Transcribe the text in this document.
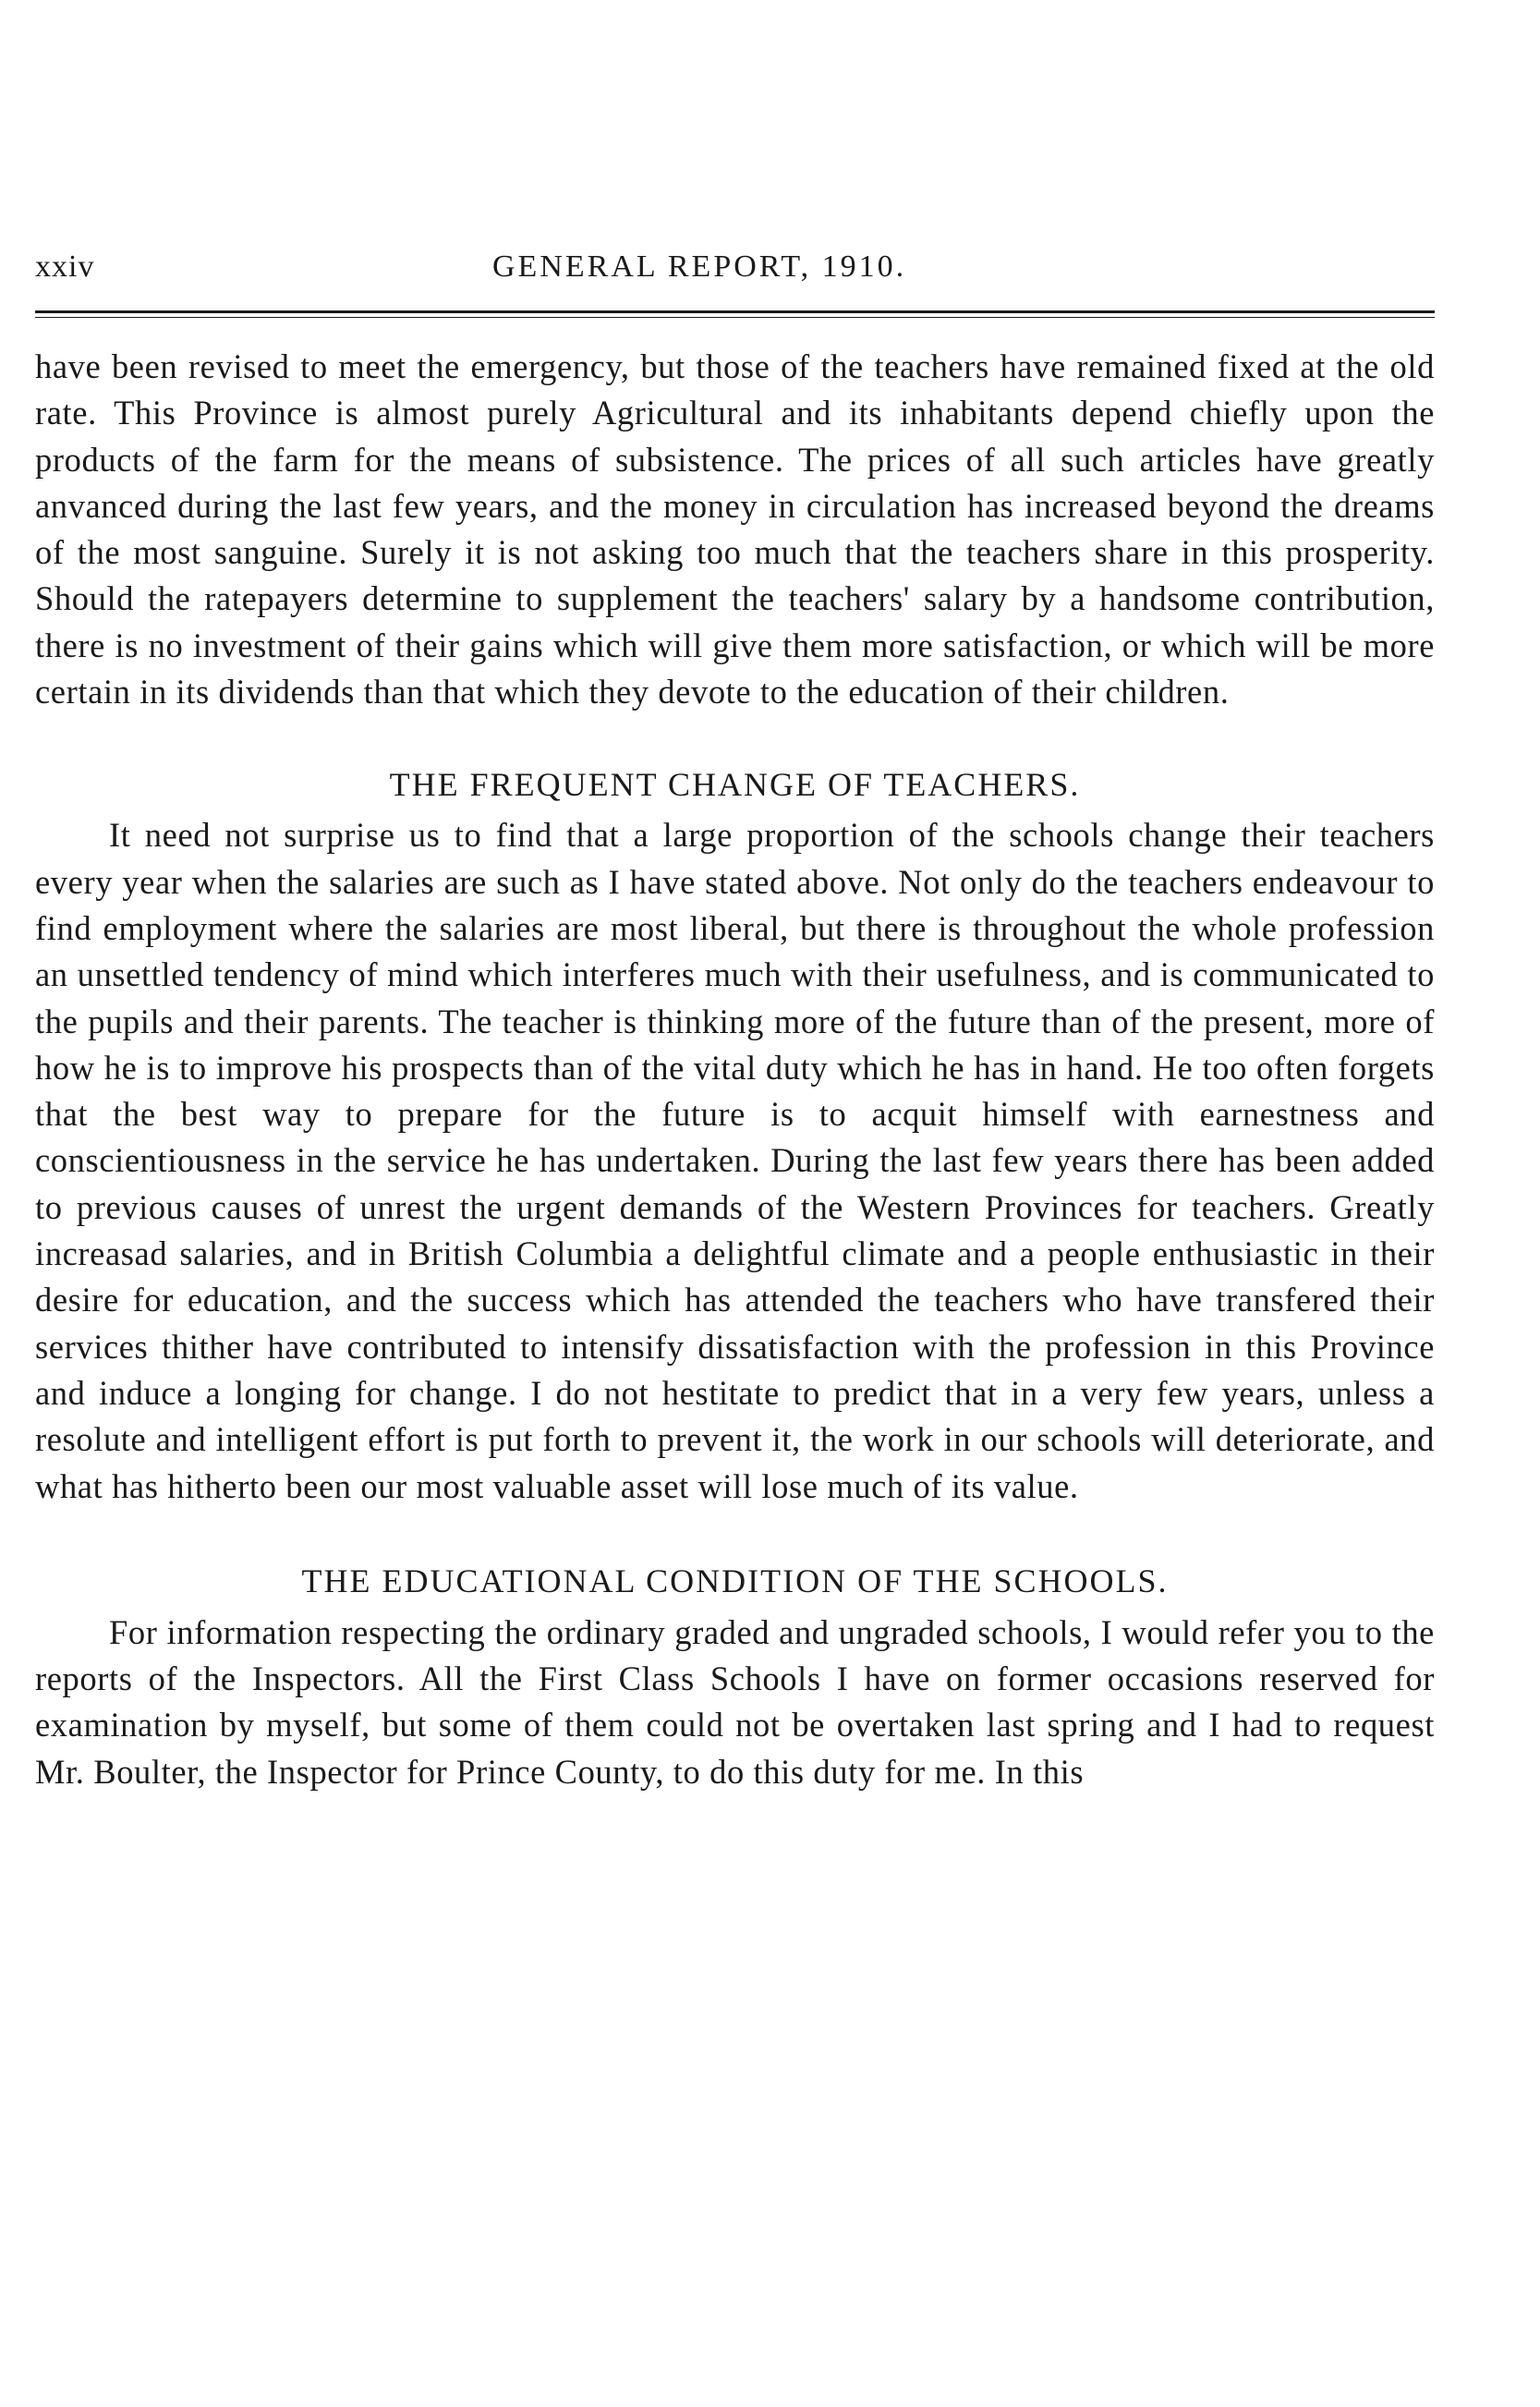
xxiv	GENERAL REPORT, 1910.

have been revised to meet the emergency, but those of the teachers have remained fixed at the old rate. This Province is almost purely Agricultural and its inhabitants depend chiefly upon the products of the farm for the means of subsistence. The prices of all such articles have greatly anvanced during the last few years, and the money in circulation has increased beyond the dreams of the most sanguine. Surely it is not asking too much that the teachers share in this prosperity. Should the ratepayers determine to supplement the teachers' salary by a handsome contribution, there is no investment of their gains which will give them more satisfaction, or which will be more certain in its dividends than that which they devote to the education of their children.

THE FREQUENT CHANGE OF TEACHERS.

It need not surprise us to find that a large proportion of the schools change their teachers every year when the salaries are such as I have stated above. Not only do the teachers endeavour to find employment where the salaries are most liberal, but there is throughout the whole profession an unsettled tendency of mind which interferes much with their usefulness, and is communicated to the pupils and their parents. The teacher is thinking more of the future than of the present, more of how he is to improve his prospects than of the vital duty which he has in hand. He too often forgets that the best way to prepare for the future is to acquit himself with earnestness and conscientiousness in the service he has undertaken. During the last few years there has been added to previous causes of unrest the urgent demands of the Western Provinces for teachers. Greatly increasad salaries, and in British Columbia a delightful climate and a people enthusiastic in their desire for education, and the success which has attended the teachers who have transfered their services thither have contributed to intensify dissatisfaction with the profession in this Province and induce a longing for change. I do not hestitate to predict that in a very few years, unless a resolute and intelligent effort is put forth to prevent it, the work in our schools will deteriorate, and what has hitherto been our most valuable asset will lose much of its value.

THE EDUCATIONAL CONDITION OF THE SCHOOLS.

For information respecting the ordinary graded and ungraded schools, I would refer you to the reports of the Inspectors. All the First Class Schools I have on former occasions reserved for examination by myself, but some of them could not be overtaken last spring and I had to request Mr. Boulter, the Inspector for Prince County, to do this duty for me. In this
